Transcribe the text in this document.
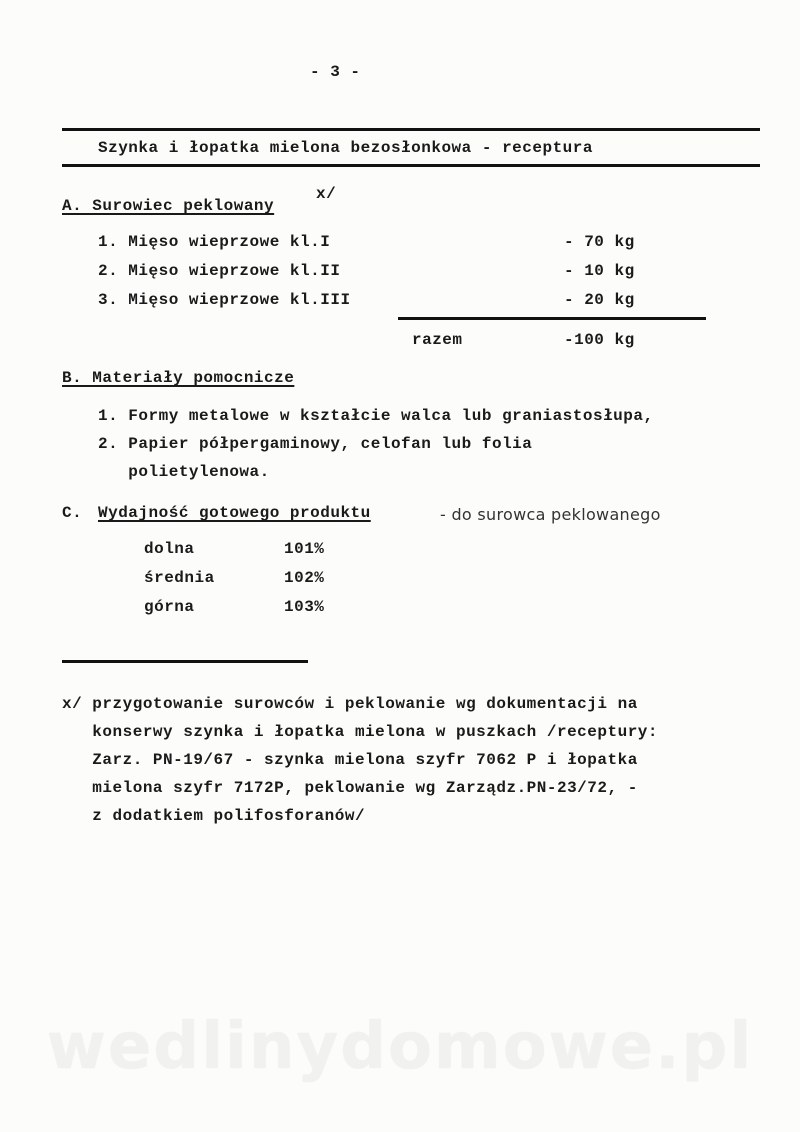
- 3 -
Szynka i łopatka mielona bezosłonkowa - receptura
A. Surowiec peklowany
x/
1. Mięso wieprzowe kl.I	- 70 kg
2. Mięso wieprzowe kl.II	- 10 kg
3. Mięso wieprzowe kl.III	- 20 kg
razem	-100 kg
B. Materiały pomocnicze
1. Formy metalowe w kształcie walca lub graniastosłupa,
2. Papier półpergaminowy, celofan lub folia
polietylenowa.
C. Wydajność gotowego produktu	- do surowca peklowanego
dolna	101%
średnia	102%
górna	103%
x/ przygotowanie surowców i peklowanie wg dokumentacji na
konserwy szynka i łopatka mielona w puszkach /receptury:
Zarz. PN-19/67 - szynka mielona szyfr 7062 P i łopatka
mielona szyfr 7172P, peklowanie wg Zarządz.PN-23/72, -
z dodatkiem polifosforanów/
wedlinydomowe.pl
